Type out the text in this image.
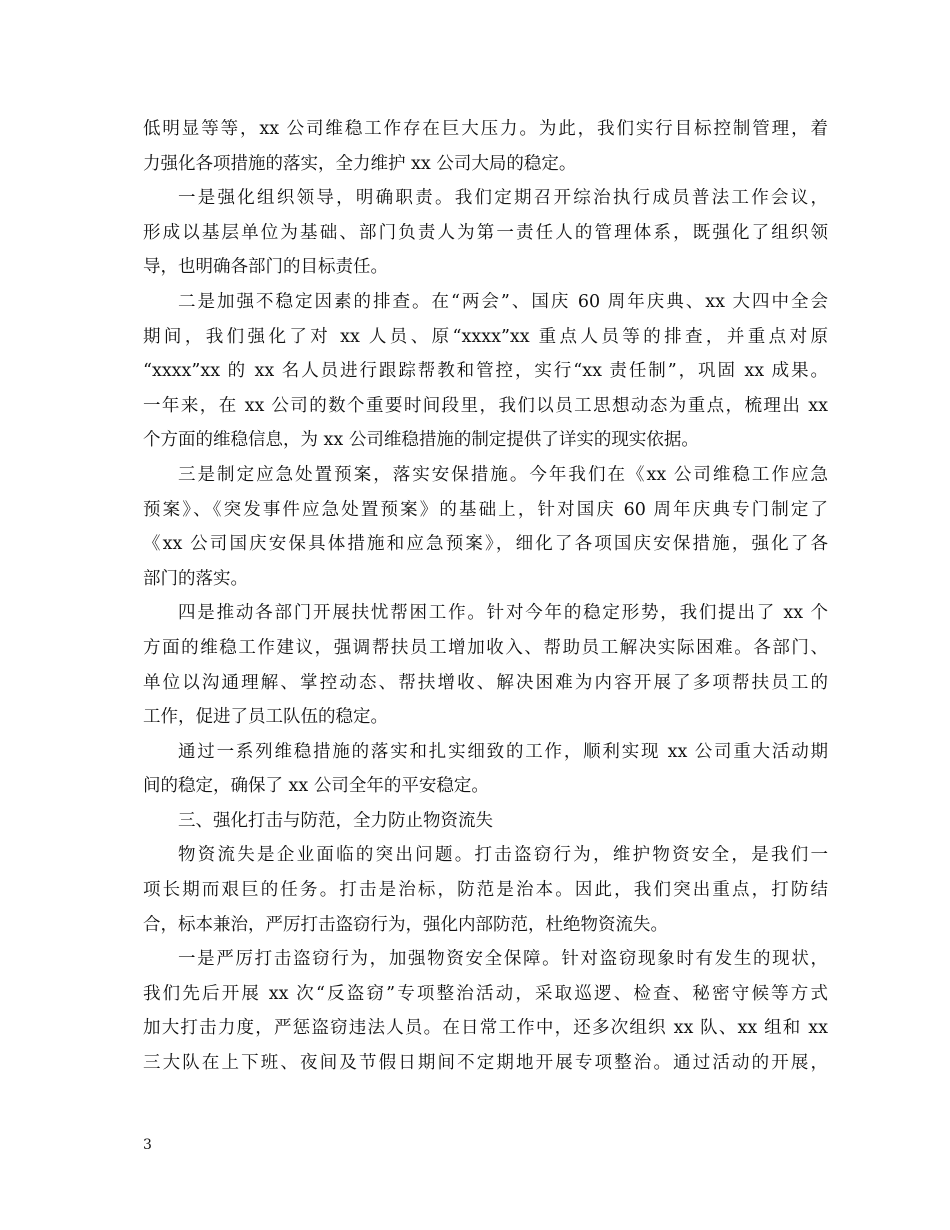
低明显等等，xx 公司维稳工作存在巨大压力。为此，我们实行目标控制管理，着
力强化各项措施的落实，全力维护 xx 公司大局的稳定。
一是强化组织领导，明确职责。我们定期召开综治执行成员普法工作会议，
形成以基层单位为基础、部门负责人为第一责任人的管理体系，既强化了组织领
导，也明确各部门的目标责任。
二是加强不稳定因素的排查。在“两会”、国庆 60 周年庆典、xx 大四中全会
期间，我们强化了对 xx 人员、原“xxxx”xx 重点人员等的排查，并重点对原
“xxxx”xx 的 xx 名人员进行跟踪帮教和管控，实行“xx 责任制”，巩固 xx 成果。
一年来，在 xx 公司的数个重要时间段里，我们以员工思想动态为重点，梳理出 xx
个方面的维稳信息，为 xx 公司维稳措施的制定提供了详实的现实依据。
三是制定应急处置预案，落实安保措施。今年我们在《xx 公司维稳工作应急
预案》、《突发事件应急处置预案》的基础上，针对国庆 60 周年庆典专门制定了
《xx 公司国庆安保具体措施和应急预案》，细化了各项国庆安保措施，强化了各
部门的落实。
四是推动各部门开展扶忧帮困工作。针对今年的稳定形势，我们提出了 xx 个
方面的维稳工作建议，强调帮扶员工增加收入、帮助员工解决实际困难。各部门、
单位以沟通理解、掌控动态、帮扶增收、解决困难为内容开展了多项帮扶员工的
工作，促进了员工队伍的稳定。
通过一系列维稳措施的落实和扎实细致的工作，顺利实现 xx 公司重大活动期
间的稳定，确保了 xx 公司全年的平安稳定。
三、强化打击与防范，全力防止物资流失
物资流失是企业面临的突出问题。打击盗窃行为，维护物资安全，是我们一
项长期而艰巨的任务。打击是治标，防范是治本。因此，我们突出重点，打防结
合，标本兼治，严厉打击盗窃行为，强化内部防范，杜绝物资流失。
一是严厉打击盗窃行为，加强物资安全保障。针对盗窃现象时有发生的现状，
我们先后开展 xx 次“反盗窃”专项整治活动，采取巡逻、检查、秘密守候等方式
加大打击力度，严惩盗窃违法人员。在日常工作中，还多次组织 xx 队、xx 组和 xx
三大队在上下班、夜间及节假日期间不定期地开展专项整治。通过活动的开展，
3
